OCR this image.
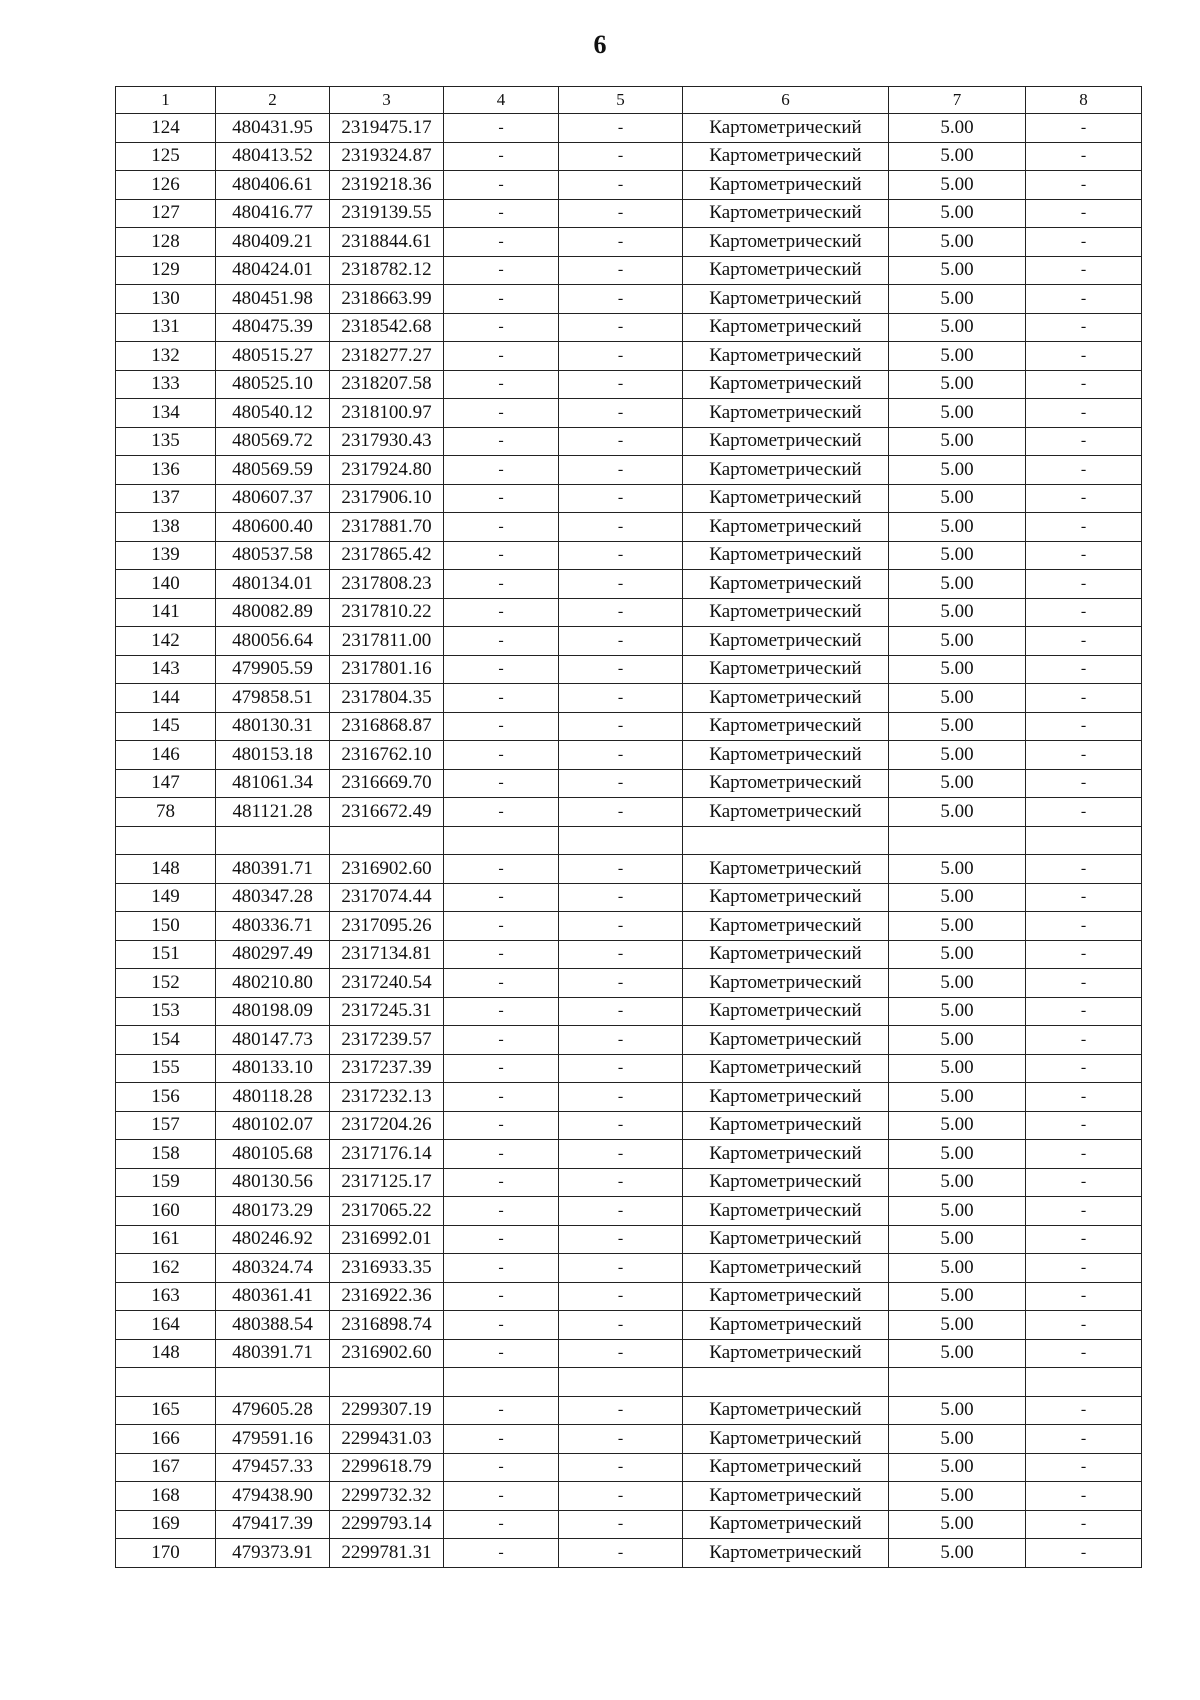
6
1	2	3	4	5	6	7	8
124	480431.95	2319475.17	-	-	Картометрический	5.00	-
125	480413.52	2319324.87	-	-	Картометрический	5.00	-
126	480406.61	2319218.36	-	-	Картометрический	5.00	-
127	480416.77	2319139.55	-	-	Картометрический	5.00	-
128	480409.21	2318844.61	-	-	Картометрический	5.00	-
129	480424.01	2318782.12	-	-	Картометрический	5.00	-
130	480451.98	2318663.99	-	-	Картометрический	5.00	-
131	480475.39	2318542.68	-	-	Картометрический	5.00	-
132	480515.27	2318277.27	-	-	Картометрический	5.00	-
133	480525.10	2318207.58	-	-	Картометрический	5.00	-
134	480540.12	2318100.97	-	-	Картометрический	5.00	-
135	480569.72	2317930.43	-	-	Картометрический	5.00	-
136	480569.59	2317924.80	-	-	Картометрический	5.00	-
137	480607.37	2317906.10	-	-	Картометрический	5.00	-
138	480600.40	2317881.70	-	-	Картометрический	5.00	-
139	480537.58	2317865.42	-	-	Картометрический	5.00	-
140	480134.01	2317808.23	-	-	Картометрический	5.00	-
141	480082.89	2317810.22	-	-	Картометрический	5.00	-
142	480056.64	2317811.00	-	-	Картометрический	5.00	-
143	479905.59	2317801.16	-	-	Картометрический	5.00	-
144	479858.51	2317804.35	-	-	Картометрический	5.00	-
145	480130.31	2316868.87	-	-	Картометрический	5.00	-
146	480153.18	2316762.10	-	-	Картометрический	5.00	-
147	481061.34	2316669.70	-	-	Картометрический	5.00	-
78	481121.28	2316672.49	-	-	Картометрический	5.00	-

148	480391.71	2316902.60	-	-	Картометрический	5.00	-
149	480347.28	2317074.44	-	-	Картометрический	5.00	-
150	480336.71	2317095.26	-	-	Картометрический	5.00	-
151	480297.49	2317134.81	-	-	Картометрический	5.00	-
152	480210.80	2317240.54	-	-	Картометрический	5.00	-
153	480198.09	2317245.31	-	-	Картометрический	5.00	-
154	480147.73	2317239.57	-	-	Картометрический	5.00	-
155	480133.10	2317237.39	-	-	Картометрический	5.00	-
156	480118.28	2317232.13	-	-	Картометрический	5.00	-
157	480102.07	2317204.26	-	-	Картометрический	5.00	-
158	480105.68	2317176.14	-	-	Картометрический	5.00	-
159	480130.56	2317125.17	-	-	Картометрический	5.00	-
160	480173.29	2317065.22	-	-	Картометрический	5.00	-
161	480246.92	2316992.01	-	-	Картометрический	5.00	-
162	480324.74	2316933.35	-	-	Картометрический	5.00	-
163	480361.41	2316922.36	-	-	Картометрический	5.00	-
164	480388.54	2316898.74	-	-	Картометрический	5.00	-
148	480391.71	2316902.60	-	-	Картометрический	5.00	-

165	479605.28	2299307.19	-	-	Картометрический	5.00	-
166	479591.16	2299431.03	-	-	Картометрический	5.00	-
167	479457.33	2299618.79	-	-	Картометрический	5.00	-
168	479438.90	2299732.32	-	-	Картометрический	5.00	-
169	479417.39	2299793.14	-	-	Картометрический	5.00	-
170	479373.91	2299781.31	-	-	Картометрический	5.00	-
